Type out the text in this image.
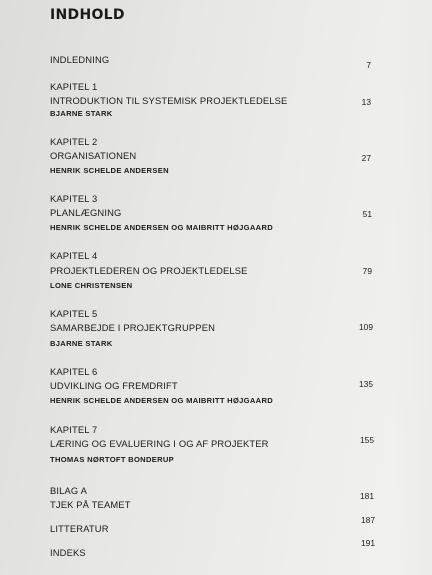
INDHOLD
INDLEDNING	7
KAPITEL 1
INTRODUKTION TIL SYSTEMISK PROJEKTLEDELSE
BJARNE STARK
13
KAPITEL 2
ORGANISATIONEN
HENRIK SCHELDE ANDERSEN
27
KAPITEL 3
PLANLÆGNING
HENRIK SCHELDE ANDERSEN OG MAIBRITT HØJGAARD
51
KAPITEL 4
PROJEKTLEDEREN OG PROJEKTLEDELSE
LONE CHRISTENSEN
79
KAPITEL 5
SAMARBEJDE I PROJEKTGRUPPEN
BJARNE STARK
109
KAPITEL 6
UDVIKLING OG FREMDRIFT
HENRIK SCHELDE ANDERSEN OG MAIBRITT HØJGAARD
135
KAPITEL 7
LÆRING OG EVALUERING I OG AF PROJEKTER
THOMAS NØRTOFT BONDERUP
155
BILAG A
TJEK PÅ TEAMET
181
LITTERATUR
187
INDEKS
191
